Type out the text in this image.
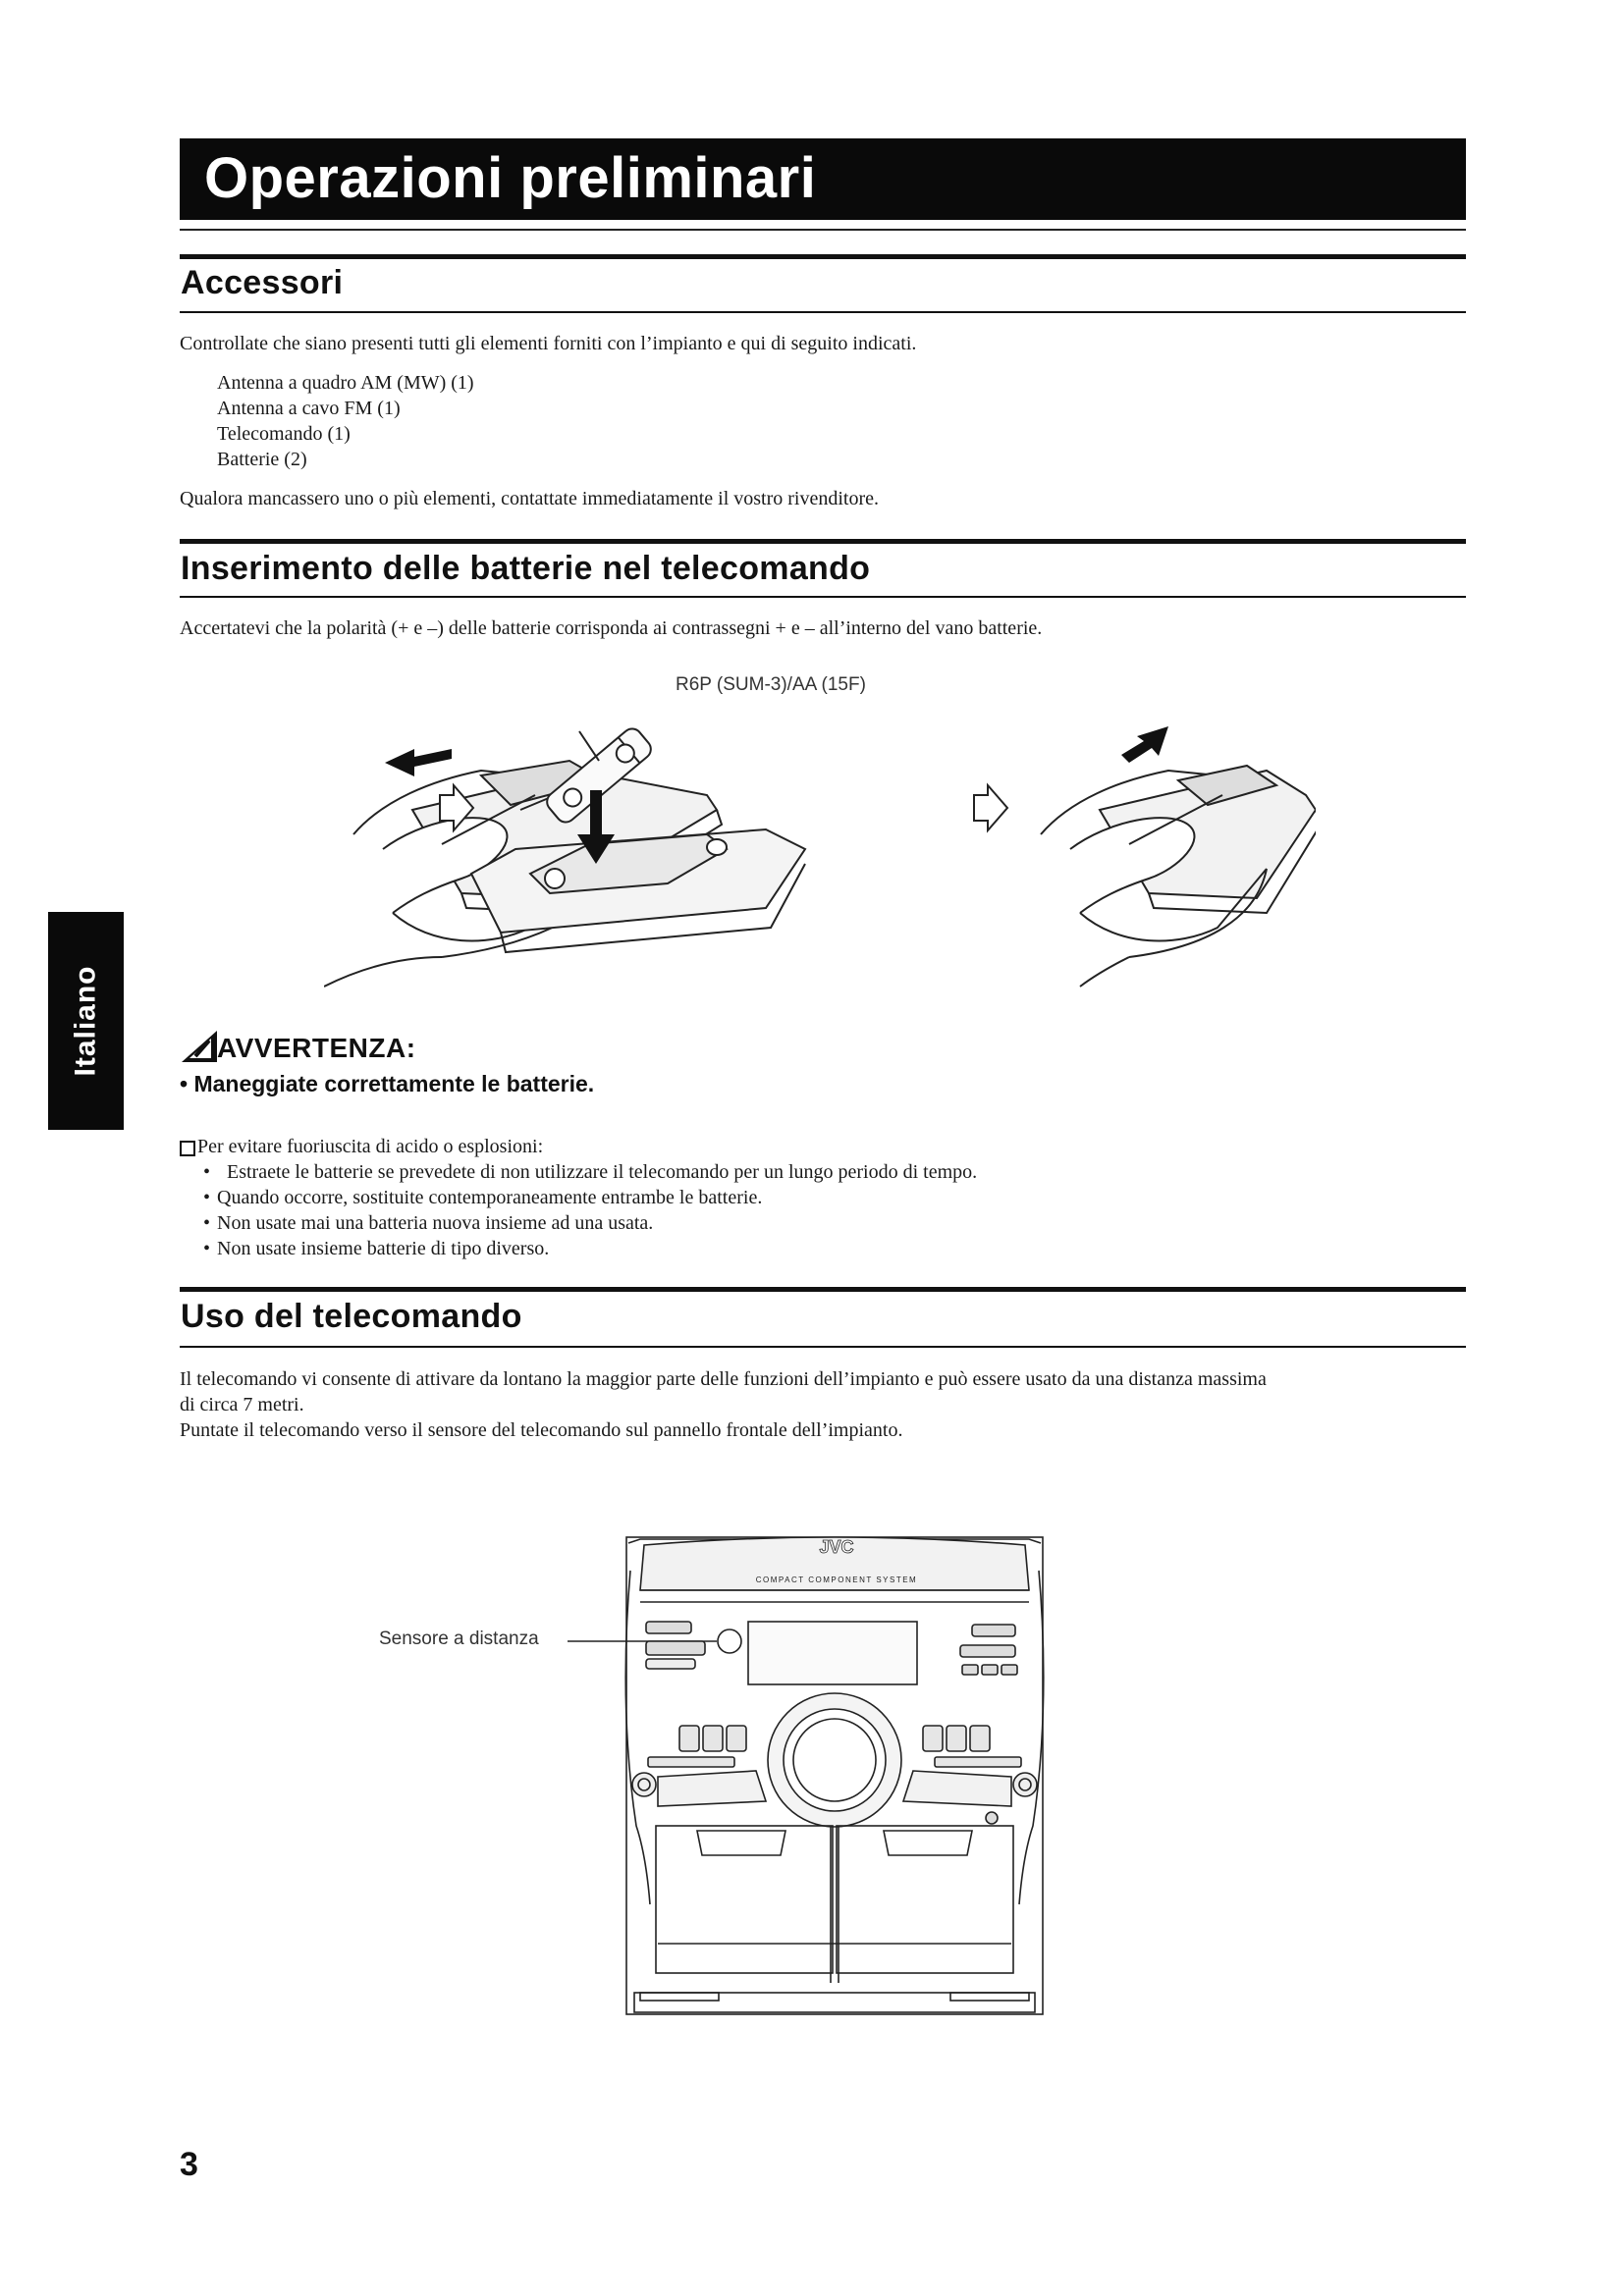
Operazioni preliminari
Accessori
Controllate che siano presenti tutti gli elementi forniti con l’impianto e qui di seguito indicati.
Antenna a quadro AM (MW) (1)
Antenna a cavo FM (1)
Telecomando (1)
Batterie (2)
Qualora mancassero uno o più elementi, contattate immediatamente il vostro rivenditore.
Inserimento delle batterie nel telecomando
Accertatevi che la polarità (+ e –) delle batterie corrisponda ai contrassegni + e – all’interno del vano batterie.
R6P (SUM-3)/AA (15F)
Italiano	AVVERTENZA:
• Maneggiate correttamente le batterie.
Per evitare fuoriuscita di acido o esplosioni:
• Estraete le batterie se prevedete di non utilizzare il telecomando per un lungo periodo di tempo.
• Quando occorre, sostituite contemporaneamente entrambe le batterie.
• Non usate mai una batteria nuova insieme ad una usata.
• Non usate insieme batterie di tipo diverso.
Uso del telecomando
Il telecomando vi consente di attivare da lontano la maggior parte delle funzioni dell’impianto e può essere usato da una distanza massima
di circa 7 metri.
Puntate il telecomando verso il sensore del telecomando sul pannello frontale dell’impianto.
Sensore a distanza
JVC
COMPACT COMPONENT SYSTEM
3
